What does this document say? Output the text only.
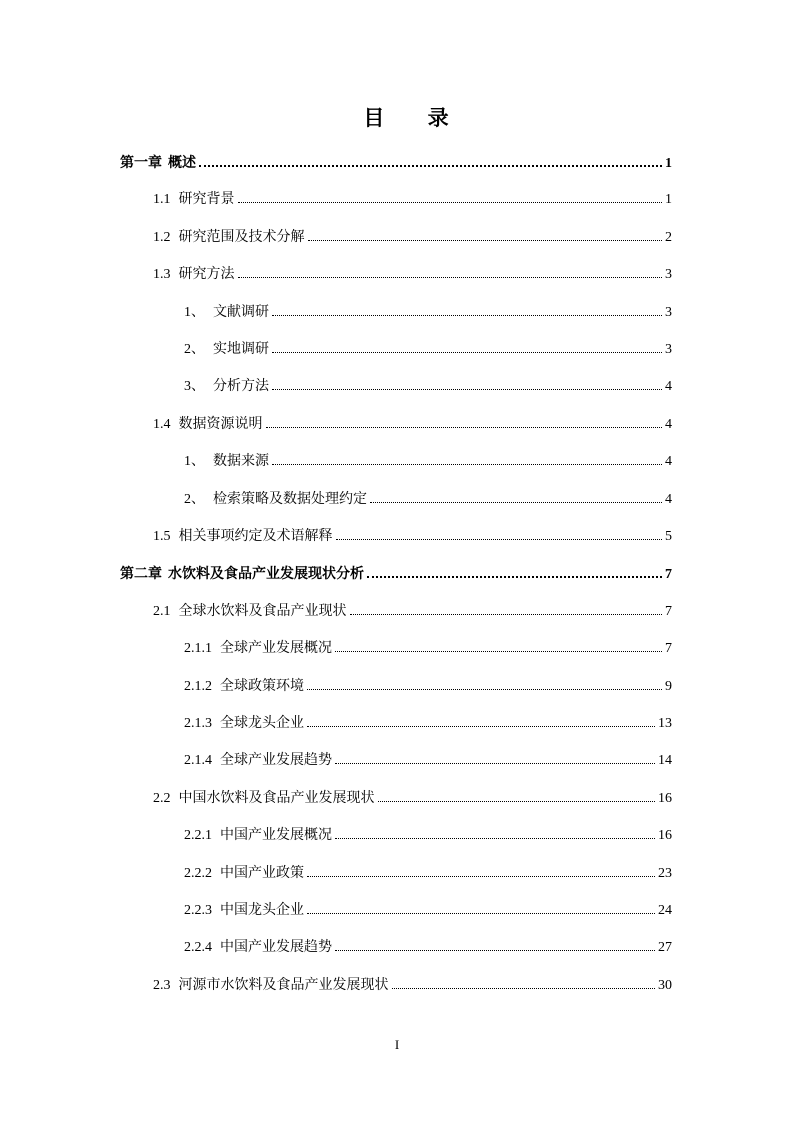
目 录
第一章 概述	1
1.1 研究背景	1
1.2 研究范围及技术分解	2
1.3 研究方法	3
1、 文献调研	3
2、 实地调研	3
3、 分析方法	4
1.4 数据资源说明	4
1、 数据来源	4
2、 检索策略及数据处理约定	4
1.5 相关事项约定及术语解释	5
第二章 水饮料及食品产业发展现状分析	7
2.1 全球水饮料及食品产业现状	7
2.1.1 全球产业发展概况	7
2.1.2 全球政策环境	9
2.1.3 全球龙头企业	13
2.1.4 全球产业发展趋势	14
2.2 中国水饮料及食品产业发展现状	16
2.2.1 中国产业发展概况	16
2.2.2 中国产业政策	23
2.2.3 中国龙头企业	24
2.2.4 中国产业发展趋势	27
2.3 河源市水饮料及食品产业发展现状	30
I
